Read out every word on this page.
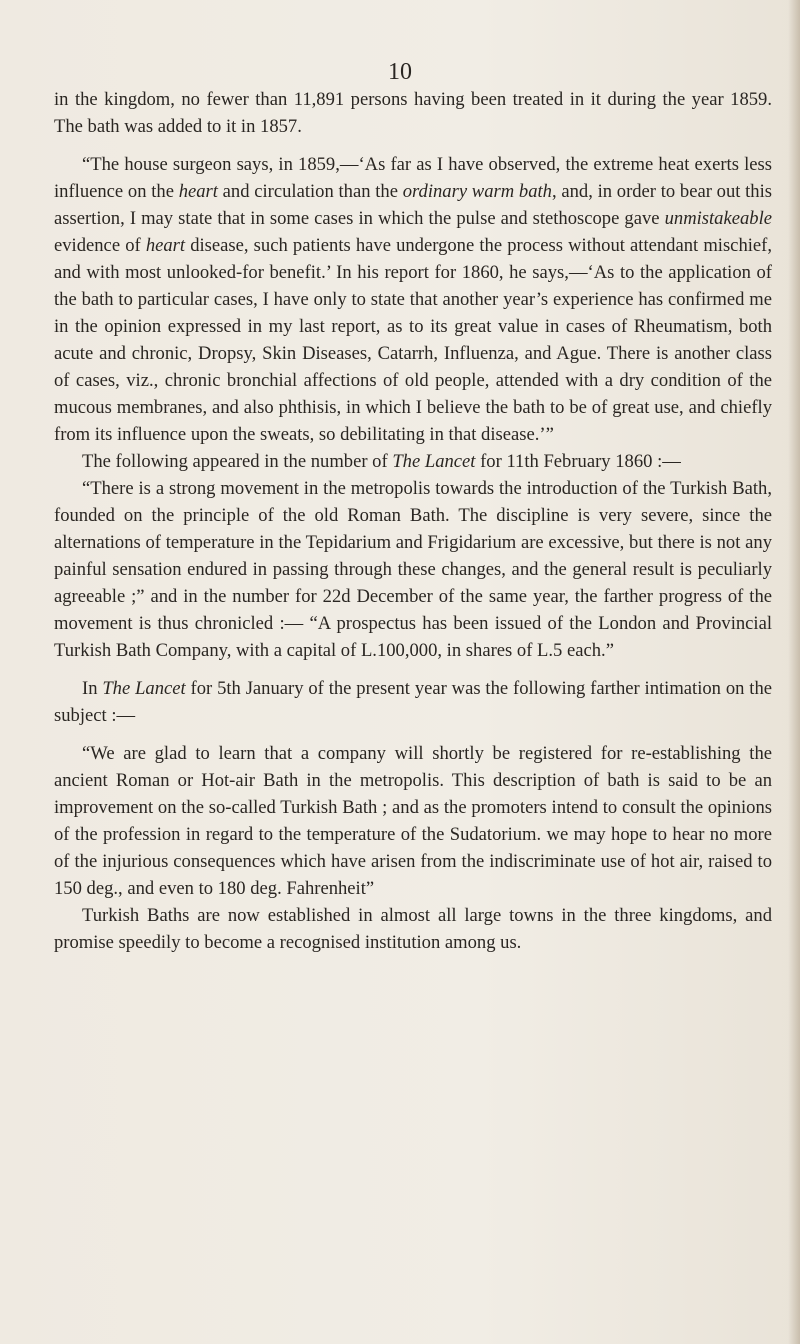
10

in the kingdom, no fewer than 11,891 persons having been treated in it during the year 1859. The bath was added to it in 1857.

“The house surgeon says, in 1859,—‘As far as I have observed, the extreme heat exerts less influence on the heart and circulation than the ordinary warm bath, and, in order to bear out this assertion, I may state that in some cases in which the pulse and stethoscope gave unmistakeable evidence of heart disease, such patients have undergone the process without attendant mischief, and with most unlooked-for benefit.’ In his report for 1860, he says,—‘As to the application of the bath to particular cases, I have only to state that another year’s experience has confirmed me in the opinion expressed in my last report, as to its great value in cases of Rheumatism, both acute and chronic, Dropsy, Skin Diseases, Catarrh, Influenza, and Ague. There is another class of cases, viz., chronic bronchial affections of old people, attended with a dry condition of the mucous membranes, and also phthisis, in which I believe the bath to be of great use, and chiefly from its influence upon the sweats, so debilitating in that disease.’”

The following appeared in the number of The Lancet for 11th February 1860 :—

“There is a strong movement in the metropolis towards the introduction of the Turkish Bath, founded on the principle of the old Roman Bath. The discipline is very severe, since the alternations of temperature in the Tepidarium and Frigidarium are excessive, but there is not any painful sensation endured in passing through these changes, and the general result is peculiarly agreeable ;” and in the number for 22d December of the same year, the farther progress of the movement is thus chronicled :— “A prospectus has been issued of the London and Provincial Turkish Bath Company, with a capital of L.100,000, in shares of L.5 each.”

In The Lancet for 5th January of the present year was the following farther intimation on the subject :—

“We are glad to learn that a company will shortly be registered for re-establishing the ancient Roman or Hot-air Bath in the metropolis. This description of bath is said to be an improvement on the so-called Turkish Bath ; and as the promoters intend to consult the opinions of the profession in regard to the temperature of the Sudatorium. we may hope to hear no more of the injurious consequences which have arisen from the indiscriminate use of hot air, raised to 150 deg., and even to 180 deg. Fahrenheit”

Turkish Baths are now established in almost all large towns in the three kingdoms, and promise speedily to become a recognised institution among us.
